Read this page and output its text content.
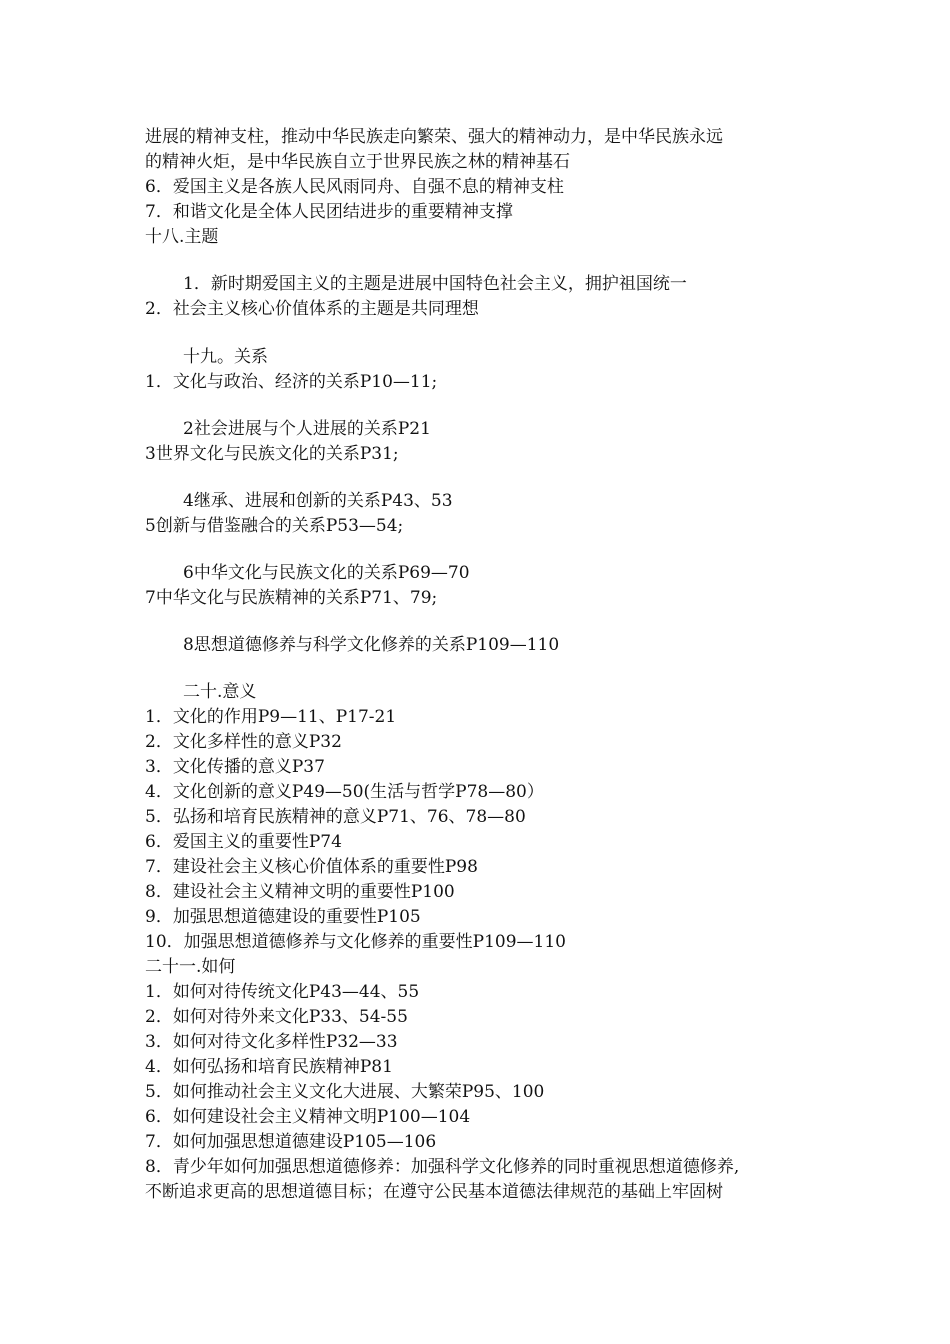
进展的精神支柱，推动中华民族走向繁荣、强大的精神动力，是中华民族永远
的精神火炬，是中华民族自立于世界民族之林的精神基石
6．爱国主义是各族人民风雨同舟、自强不息的精神支柱
7．和谐文化是全体人民团结进步的重要精神支撑
十八.主题
1．新时期爱国主义的主题是进展中国特色社会主义，拥护祖国统一
2．社会主义核心价值体系的主题是共同理想
十九。关系
1．文化与政治、经济的关系P10—11;
2社会进展与个人进展的关系P21
3世界文化与民族文化的关系P31;
4继承、进展和创新的关系P43、53
5创新与借鉴融合的关系P53—54;
6中华文化与民族文化的关系P69—70
7中华文化与民族精神的关系P71、79;
8思想道德修养与科学文化修养的关系P109—110
二十.意义
1．文化的作用P9—11、P17-21
2．文化多样性的意义P32
3．文化传播的意义P37
4．文化创新的意义P49—50(生活与哲学P78—80）
5．弘扬和培育民族精神的意义P71、76、78—80
6．爱国主义的重要性P74
7．建设社会主义核心价值体系的重要性P98
8．建设社会主义精神文明的重要性P100
9．加强思想道德建设的重要性P105
10．加强思想道德修养与文化修养的重要性P109—110
二十一.如何
1．如何对待传统文化P43—44、55
2．如何对待外来文化P33、54-55
3．如何对待文化多样性P32—33
4．如何弘扬和培育民族精神P81
5．如何推动社会主义文化大进展、大繁荣P95、100
6．如何建设社会主义精神文明P100—104
7．如何加强思想道德建设P105—106
8．青少年如何加强思想道德修养：加强科学文化修养的同时重视思想道德修养,
不断追求更高的思想道德目标；在遵守公民基本道德法律规范的基础上牢固树
